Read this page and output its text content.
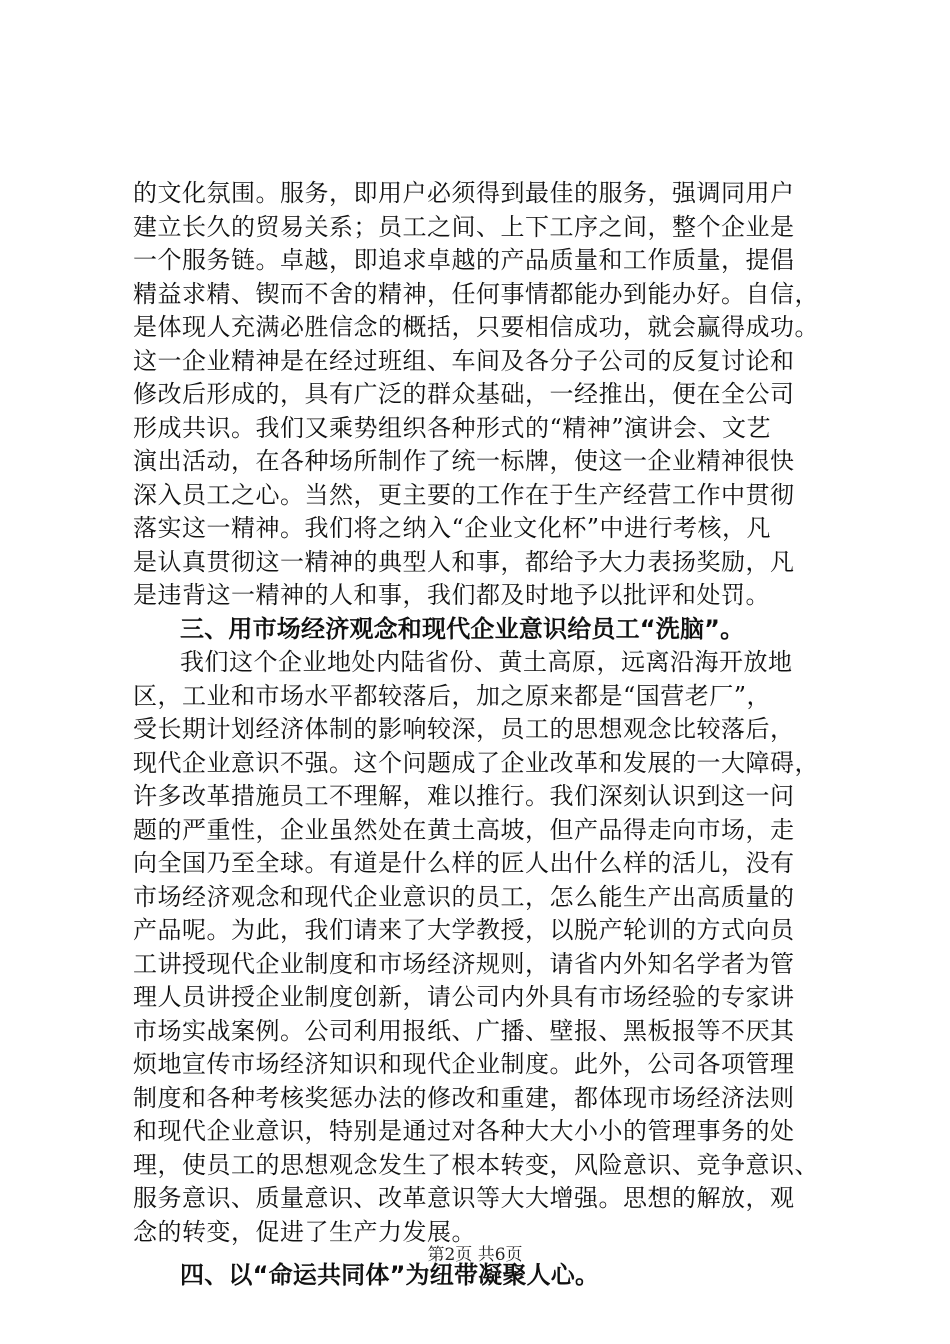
的文化氛围。服务，即用户必须得到最佳的服务，强调同用户
建立长久的贸易关系；员工之间、上下工序之间，整个企业是
一个服务链。卓越，即追求卓越的产品质量和工作质量，提倡
精益求精、锲而不舍的精神，任何事情都能办到能办好。自信，
是体现人充满必胜信念的概括，只要相信成功，就会赢得成功。
这一企业精神是在经过班组、车间及各分子公司的反复讨论和
修改后形成的，具有广泛的群众基础，一经推出，便在全公司
形成共识。我们又乘势组织各种形式的“精神”演讲会、文艺
演出活动，在各种场所制作了统一标牌，使这一企业精神很快
深入员工之心。当然，更主要的工作在于生产经营工作中贯彻
落实这一精神。我们将之纳入“企业文化杯”中进行考核，凡
是认真贯彻这一精神的典型人和事，都给予大力表扬奖励，凡
是违背这一精神的人和事，我们都及时地予以批评和处罚。
三、用市场经济观念和现代企业意识给员工“洗脑”。
我们这个企业地处内陆省份、黄土高原，远离沿海开放地
区，工业和市场水平都较落后，加之原来都是“国营老厂”，
受长期计划经济体制的影响较深，员工的思想观念比较落后，
现代企业意识不强。这个问题成了企业改革和发展的一大障碍，
许多改革措施员工不理解，难以推行。我们深刻认识到这一问
题的严重性，企业虽然处在黄土高坡，但产品得走向市场，走
向全国乃至全球。有道是什么样的匠人出什么样的活儿，没有
市场经济观念和现代企业意识的员工，怎么能生产出高质量的
产品呢。为此，我们请来了大学教授，以脱产轮训的方式向员
工讲授现代企业制度和市场经济规则，请省内外知名学者为管
理人员讲授企业制度创新，请公司内外具有市场经验的专家讲
市场实战案例。公司利用报纸、广播、壁报、黑板报等不厌其
烦地宣传市场经济知识和现代企业制度。此外，公司各项管理
制度和各种考核奖惩办法的修改和重建，都体现市场经济法则
和现代企业意识，特别是通过对各种大大小小的管理事务的处
理，使员工的思想观念发生了根本转变，风险意识、竞争意识、
服务意识、质量意识、改革意识等大大增强。思想的解放，观
念的转变，促进了生产力发展。
四、以“命运共同体”为纽带凝聚人心。
第2页 共6页
